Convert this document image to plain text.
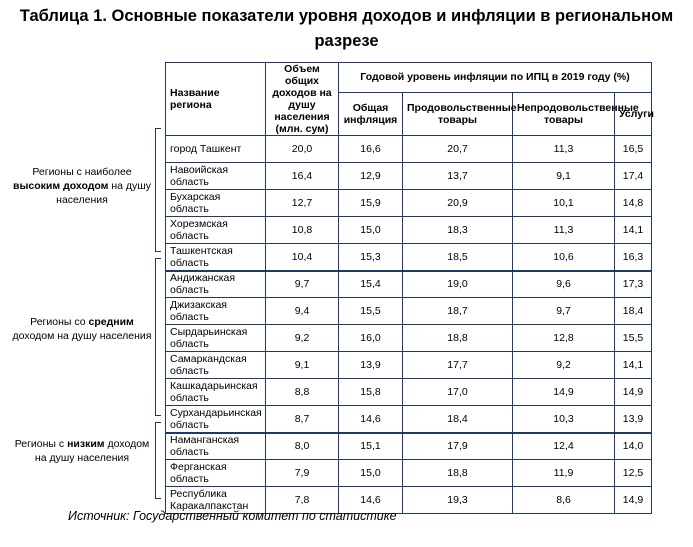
Таблица 1. Основные показатели уровня доходов и инфляции в региональном разрезе
Регионы с наиболее высоким доходом на душу населения
Регионы со средним доходом на душу населения
Регионы с низким доходом на душу населения
Название региона	Объем общих доходов на душу населения (млн. сум)	Годовой уровень инфляции по ИПЦ в 2019 году (%)			
		Общая инфляция	Продовольственные товары	Непродовольственные товары	Услуги
город Ташкент	20,0	16,6	20,7	11,3	16,5
Навоийская область	16,4	12,9	13,7	9,1	17,4
Бухарская область	12,7	15,9	20,9	10,1	14,8
Хорезмская область	10,8	15,0	18,3	11,3	14,1
Ташкентская область	10,4	15,3	18,5	10,6	16,3
Андижанская область	9,7	15,4	19,0	9,6	17,3
Джизакская область	9,4	15,5	18,7	9,7	18,4
Сырдарьинская область	9,2	16,0	18,8	12,8	15,5
Самаркандская область	9,1	13,9	17,7	9,2	14,1
Кашкадарьинская область	8,8	15,8	17,0	14,9	14,9
Сурхандарьинская область	8,7	14,6	18,4	10,3	13,9
Наманганская область	8,0	15,1	17,9	12,4	14,0
Ферганская область	7,9	15,0	18,8	11,9	12,5
Республика Каракалпакстан	7,8	14,6	19,3	8,6	14,9
Источник: Государственный комитет по статистике
